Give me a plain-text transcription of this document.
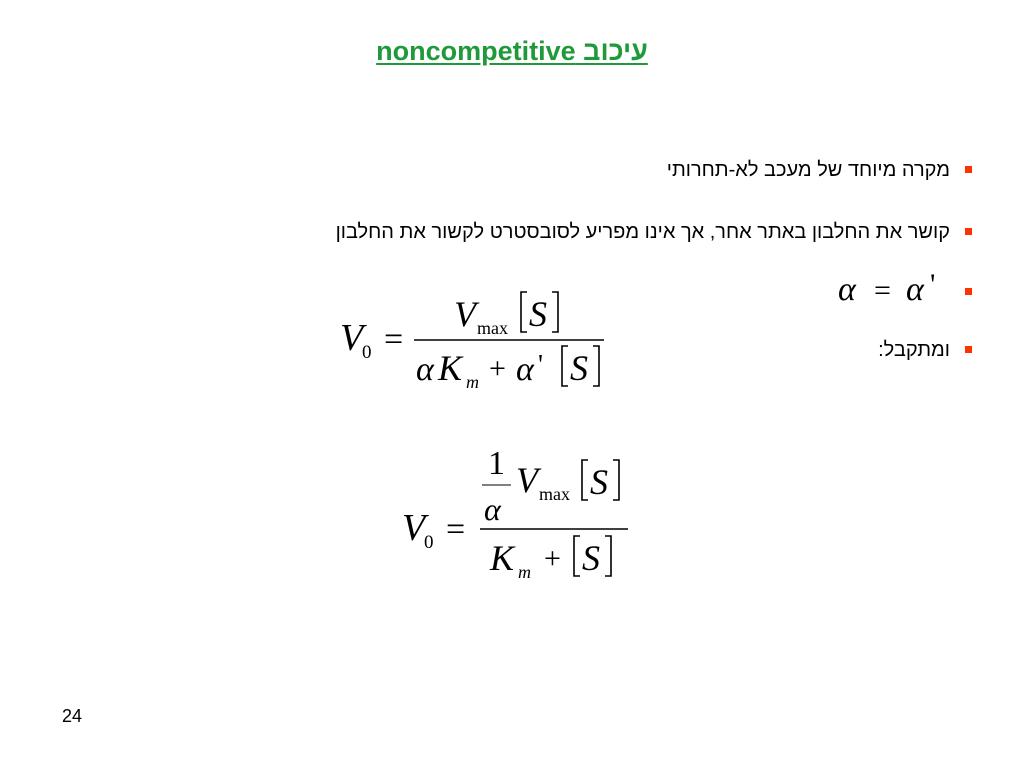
עיכוב noncompetitive
מקרה מיוחד של מעכב לא-תחרותי
קושר את החלבון באתר אחר, אך אינו מפריע לסובסטרט לקשור את החלבון
α = α '
ומתקבל:
V
0 =
V max S
α K m + α ' S
V
0 =
1
α
V max S
K m + S
24
